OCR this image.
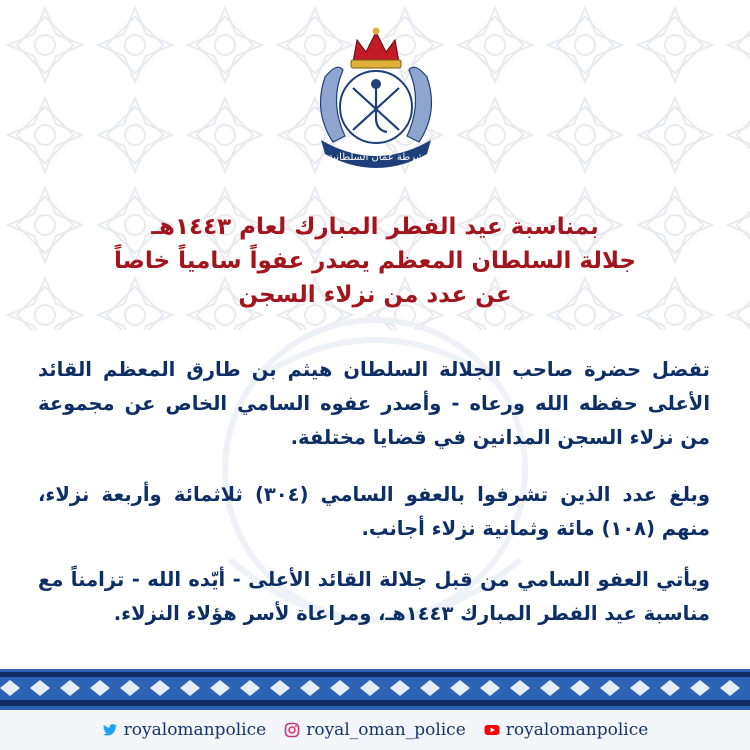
شرطة عُمان السلطانية
بمناسبة عيد الفطر المبارك لعام ١٤٤٣هـ
جلالة السلطان المعظم يصدر عفواً سامياً خاصاً
عن عدد من نزلاء السجن
تفضل حضرة صاحب الجلالة السلطان هيثم بن طارق المعظم القائد الأعلى حفظه الله ورعاه - وأصدر عفوه السامي الخاص عن مجموعة من نزلاء السجن المدانين في قضايا مختلفة.
وبلغ عدد الذين تشرفوا بالعفو السامي (٣٠٤) ثلاثمائة وأربعة نزلاء، منهم (١٠٨) مائة وثمانية نزلاء أجانب.
ويأتي العفو السامي من قبل جلالة القائد الأعلى - أيّده الله - تزامناً مع مناسبة عيد الفطر المبارك ١٤٤٣هـ، ومراعاة لأسر هؤلاء النزلاء.
royalomanpolice royal_oman_police royalomanpolice
